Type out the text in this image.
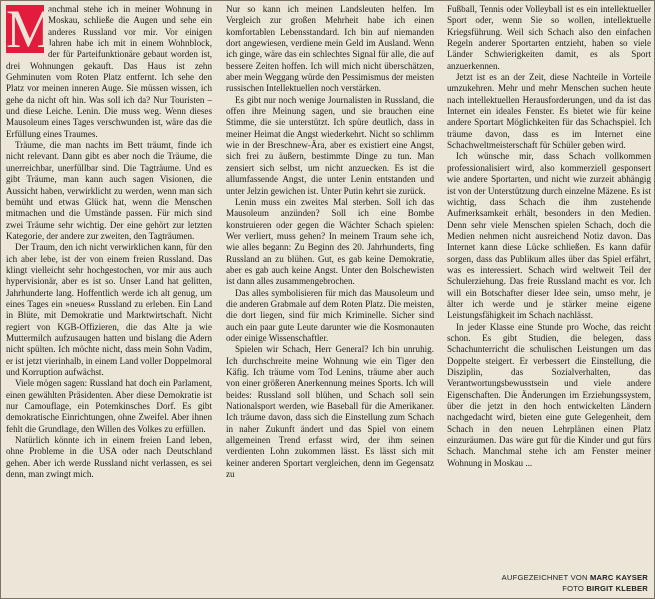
M

anchmal stehe ich in meiner Wohnung in Moskau, schließe die Augen und sehe ein anderes Russland vor mir. Vor einigen Jahren habe ich mit in einem Wohnblock, der für Parteifunktionäre gebaut worden ist, drei Wohnungen gekauft. Das Haus ist zehn Gehminuten vom Roten Platz entfernt. Ich sehe den Platz vor meinen inneren Auge. Sie müssen wissen, ich gehe da nicht oft hin. Was soll ich da? Nur Touristen – und diese Leiche. Lenin. Die muss weg. Wenn dieses Mausoleum eines Tages verschwunden ist, wäre das die Erfüllung eines Traumes.

Träume, die man nachts im Bett träumt, finde ich nicht relevant. Dann gibt es aber noch die Träume, die unerreichbar, unerfüllbar sind. Die Tagträume. Und es gibt Träume, man kann auch sagen Visionen, die Aussicht haben, verwirklicht zu werden, wenn man sich bemüht und etwas Glück hat, wenn die Menschen mitmachen und die Umstände passen. Für mich sind zwei Träume sehr wichtig. Der eine gehört zur letzten Kategorie, der andere zur zweiten, den Tagträumen.

Der Traum, den ich nicht verwirklichen kann, für den ich aber lebe, ist der von einem freien Russland. Das klingt vielleicht sehr hochgestochen, vor mir aus auch hypervisionär, aber es ist so. Unser Land hat gelitten, Jahrhunderte lang. Hoffentlich werde ich alt genug, um eines Tages ein »neues« Russland zu erleben. Ein Land in Blüte, mit Demokratie und Marktwirtschaft. Nicht regiert von KGB-Offizieren, die das Alte ja wie Muttermilch aufzusaugen hatten und bislang die Adern nicht spülten. Ich möchte nicht, dass mein Sohn Vadim, er ist jetzt vierinhalb, in einem Land voller Doppelmoral und Korruption aufwächst.

Viele mögen sagen: Russland hat doch ein Parlament, einen gewählten Präsidenten. Aber diese Demokratie ist nur Camouflage, ein Potemkinsches Dorf. Es gibt demokratische Einrichtungen, ohne Zweifel. Aber ihnen fehlt die Grundlage, den Willen des Volkes zu erfüllen.

Natürlich könnte ich in einem freien Land leben, ohne Probleme in die USA oder nach Deutschland gehen. Aber ich werde Russland nicht verlassen, es sei denn, man zwingt mich.

Nur so kann ich meinen Landsleuten helfen. Im Vergleich zur großen Mehrheit habe ich einen komfortablen Lebensstandard. Ich bin auf niemanden dort angewiesen, verdiene mein Geld im Ausland. Wenn ich ginge, wäre das ein schlechtes Signal für alle, die auf bessere Zeiten hoffen. Ich will mich nicht überschätzen, aber mein Weggang würde den Pessimismus der meisten russischen Intellektuellen noch verstärken.

Es gibt nur noch wenige Journalisten in Russland, die offen ihre Meinung sagen, und sie brauchen eine Stimme, die sie unterstützt. Ich spüre deutlich, dass in meiner Heimat die Angst wiederkehrt. Nicht so schlimm wie in der Breschnew-Ära, aber es existiert eine Angst, sich frei zu äußern, bestimmte Dinge zu tun. Man zensiert sich selbst, um nicht anzuecken. Es ist die allumfassende Angst, die unter Lenin entstanden und unter Jelzin gewichen ist. Unter Putin kehrt sie zurück.

Lenin muss ein zweites Mal sterben. Soll ich das Mausoleum anzünden? Soll ich eine Bombe konstruieren oder gegen die Wächter Schach spielen: Wer verliert, muss gehen? In meinem Traum sehe ich, wie alles begann: Zu Beginn des 20. Jahrhunderts, fing Russland an zu blühen. Gut, es gab keine Demokratie, aber es gab auch keine Angst. Unter den Bolschewisten ist dann alles zusammengebrochen.

Das alles symbolisieren für mich das Mausoleum und die anderen Grabmale auf dem Roten Platz. Die meisten, die dort liegen, sind für mich Kriminelle. Sicher sind auch ein paar gute Leute darunter wie die Kosmonauten oder einige Wissenschaftler.

Spielen wir Schach, Herr General? Ich bin unruhig. Ich durchschreite meine Wohnung wie ein Tiger den Käfig. Ich träume vom Tod Lenins, träume aber auch von einer größeren Anerkennung meines Sports. Ich will beides: Russland soll blühen, und Schach soll sein Nationalsport werden, wie Baseball für die Amerikaner. Ich träume davon, dass sich die Einstellung zum Schach in naher Zukunft ändert und das Spiel von einem allgemeinen Trend erfasst wird, der ihm seinen verdienten Lohn zukommen lässt. Es lässt sich mit keiner anderen Sportart vergleichen, denn im Gegensatz zu

Fußball, Tennis oder Volleyball ist es ein intellektueller Sport oder, wenn Sie so wollen, intellektuelle Kriegsführung. Weil sich Schach also den einfachen Regeln anderer Sportarten entzieht, haben so viele Länder Schwierigkeiten damit, es als Sport anzuerkennen.

Jetzt ist es an der Zeit, diese Nachteile in Vorteile umzukehren. Mehr und mehr Menschen suchen heute nach intellektuellen Herausforderungen, und da ist das Internet ein ideales Fenster. Es bietet wie für keine andere Sportart Möglichkeiten für das Schachspiel. Ich träume davon, dass es im Internet eine Schachweltmeisterschaft für Schüler geben wird.

Ich wünsche mir, dass Schach vollkommen professionalisiert wird, also kommerziell gesponsert wie andere Sportarten, und nicht wie zurzeit abhängig ist von der Unterstützung durch einzelne Mäzene. Es ist wichtig, dass Schach die ihm zustehende Aufmerksamkeit erhält, besonders in den Medien. Denn sehr viele Menschen spielen Schach, doch die Medien nehmen nicht ausreichend Notiz davon. Das Internet kann diese Lücke schließen. Es kann dafür sorgen, dass das Publikum alles über das Spiel erfährt, was es interessiert. Schach wird weltweit Teil der Schulerziehung. Das freie Russland macht es vor. Ich will ein Botschafter dieser Idee sein, umso mehr, je älter ich werde und je stärker meine eigene Leistungsfähigkeit im Schach nachlässt.

In jeder Klasse eine Stunde pro Woche, das reicht schon. Es gibt Studien, die belegen, dass Schachunterricht die schulischen Leistungen um das Doppelte steigert. Er verbessert die Einstellung, die Disziplin, das Sozialverhalten, das Verantwortungsbewusstsein und viele andere Eigenschaften. Die Änderungen im Erziehungssystem, über die jetzt in den hoch entwickelten Ländern nachgedacht wird, bieten eine gute Gelegenheit, dem Schach in den neuen Lehrplänen einen Platz einzuräumen. Das wäre gut für die Kinder und gut fürs Schach. Manchmal stehe ich am Fenster meiner Wohnung in Moskau ...

AUFGEZEICHNET VON MARC KAYSER
FOTO BIRGIT KLEBER
